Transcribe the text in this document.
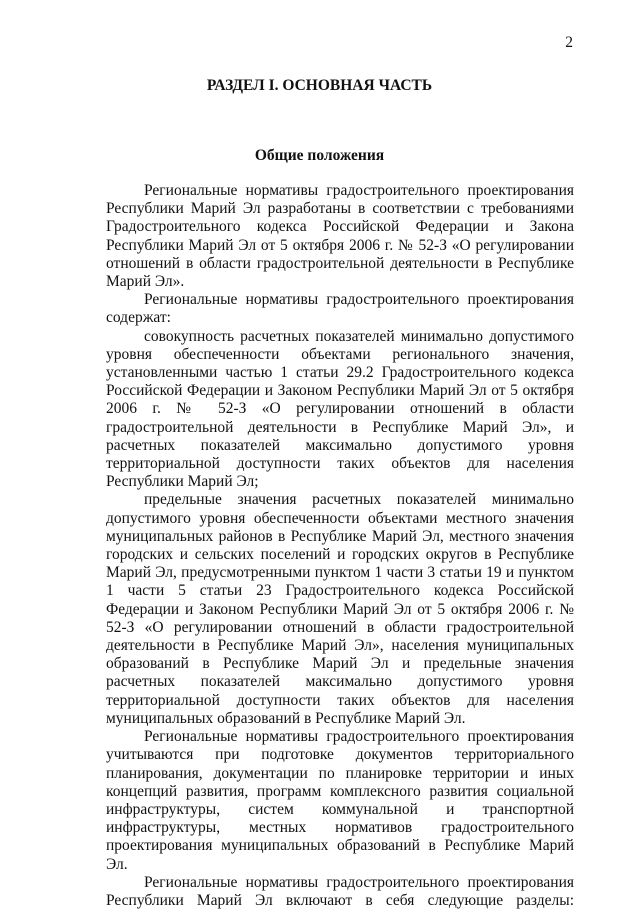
2
РАЗДЕЛ I. ОСНОВНАЯ ЧАСТЬ
Общие положения

Региональные нормативы градостроительного проектирования Республики Марий Эл разработаны в соответствии с требованиями Градостроительного кодекса Российской Федерации и Закона Республики Марий Эл от 5 октября 2006 г. № 52-З «О регулировании отношений в области градостроительной деятельности в Республике Марий Эл».

Региональные нормативы градостроительного проектирования содержат:

совокупность расчетных показателей минимально допустимого уровня обеспеченности объектами регионального значения, установленными частью 1 статьи 29.2 Градостроительного кодекса Российской Федерации и Законом Республики Марий Эл от 5 октября 2006 г. № 52-З «О регулировании отношений в области градостроительной деятельности в Республике Марий Эл», и расчетных показателей максимально допустимого уровня территориальной доступности таких объектов для населения Республики Марий Эл;

предельные значения расчетных показателей минимально допустимого уровня обеспеченности объектами местного значения муниципальных районов в Республике Марий Эл, местного значения городских и сельских поселений и городских округов в Республике Марий Эл, предусмотренными пунктом 1 части 3 статьи 19 и пунктом 1 части 5 статьи 23 Градостроительного кодекса Российской Федерации и Законом Республики Марий Эл от 5 октября 2006 г. № 52-З «О регулировании отношений в области градостроительной деятельности в Республике Марий Эл», населения муниципальных образований в Республике Марий Эл и предельные значения расчетных показателей максимально допустимого уровня территориальной доступности таких объектов для населения муниципальных образований в Республике Марий Эл.

Региональные нормативы градостроительного проектирования учитываются при подготовке документов территориального планирования, документации по планировке территории и иных концепций развития, программ комплексного развития социальной инфраструктуры, систем коммунальной и транспортной инфраструктуры, местных нормативов градостроительного проектирования муниципальных образований в Республике Марий Эл.

Региональные нормативы градостроительного проектирования Республики Марий Эл включают в себя следующие разделы:
